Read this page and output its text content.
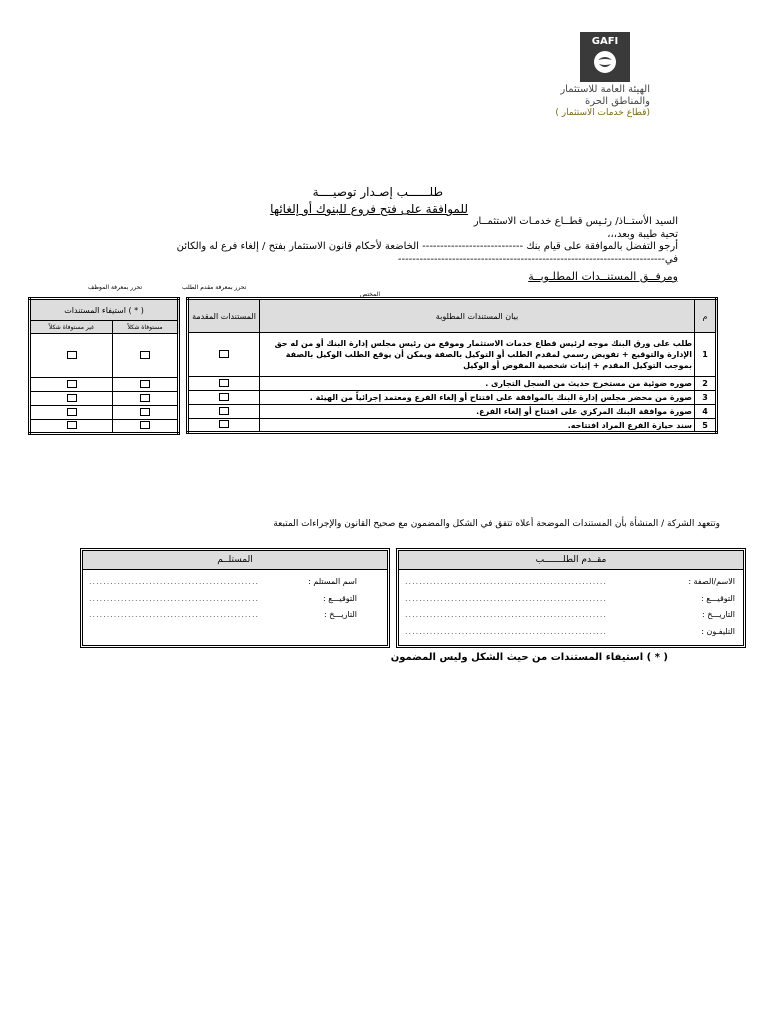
GAFI
الهيئة العامة للاستثمار
والمناطق الحرة
(قطاع خدمات الاستثمار )
طلــــــب إصـدار توصيــــة
للموافقة على فتح فروع للبنوك أو إلغائها
السيد الأستــاذ/ رئـيس قطــاع خدمـات الاستثمــار
تحية طيبة وبعد،،،
أرجو التفضل بالموافقة على قيام بنك ---------------------------- الخاضعة لأحكام قانون الاستثمار بفتح / إلغاء فرع له والكائن
في--------------------------------------------------------------------------
ومرفــق المستنــدات المطلـوبــة
تحرر بمعرفة الموظف	تحرر بمعرفة مقدم الطلب
المختص
استيفاء المستندات ( * )	
غير مستوفاة شكلاً	مستوفاة شكلاً

المستندات المقدمة	بيان المستندات المطلوبة	م
	طلب على ورق البنك موجه لرئيس قطاع خدمات الاستثمار وموقع من رئيس مجلس إدارة البنك أو من له حق الإدارة والتوقيع + تفويض رسمي لمقدم الطلب أو التوكيل بالصفة ويمكن أن يوقع الطلب الوكيل بالصفة بموجب التوكيل المقدم + إثبات شخصية المفوض أو الوكيل	1
	صوره ضوئية من مستخرج حديث من السجل التجارى .	2
	صورة من محضر مجلس إدارة البنك بالموافقة على افتتاح أو إلغاء الفرع ومعتمد إجرائياً من الهيئة .	3
	صورة موافقة البنك المركزي على افتتاح أو إلغاء الفرع.	4
	سند حيازة الفرع المراد افتتاحه.	5
وتتعهد الشركة / المنشأة بأن المستندات الموضحة أعلاه تتفق في الشكل والمضمون مع صحيح القانون والإجراءات المتبعة
مقــدم الطلـــــــب
الاسم/الصفة :
.........................................................
التوقيـــع :
.........................................................
التاريـــخ :
.........................................................
التليفـون :
.........................................................
المستلــم
اسم المستلم :
................................................
التوقيـــع :
................................................
التاريـــخ :
................................................
( * ) استيفاء المستندات من حيث الشكل وليس المضمون
